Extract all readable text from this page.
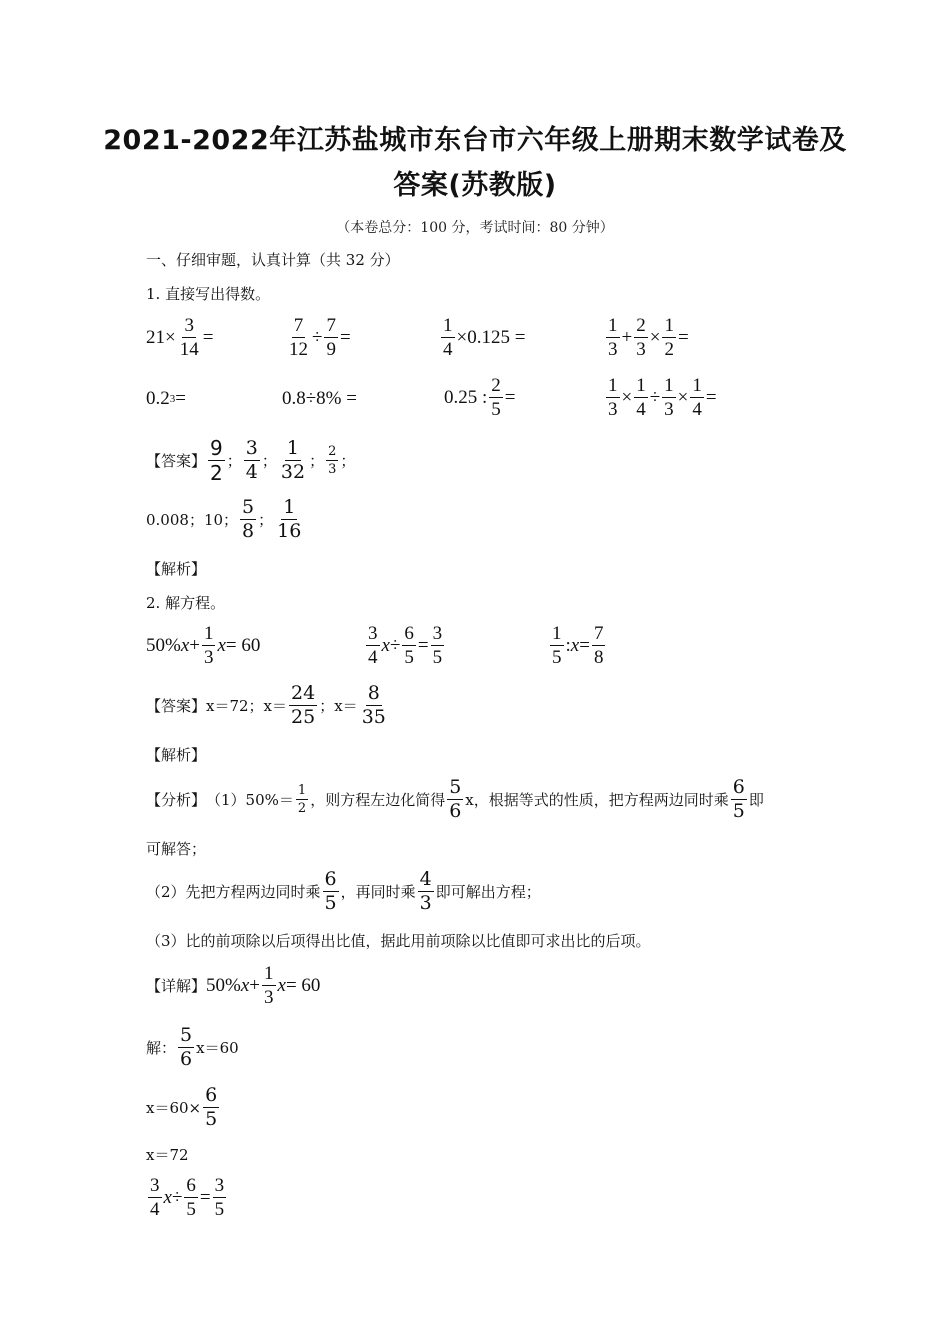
2021-2022年江苏盐城市东台市六年级上册期末数学试卷及
答案(苏教版)
（本卷总分：100 分，考试时间：80 分钟）
一、仔细审题，认真计算（共 32 分）
1. 直接写出得数。
$21\times \frac{3}{14}$ =	$\frac{7}{12} \div \frac{7}{9}$ =	$\frac{1}{4} \times 0.125$ =	$\frac{1}{3} + \frac{2}{3} \times \frac{1}{2}$ =
0.2 3 =	0.8÷8% =	0.25 : $\frac{2}{5}$ =	$\frac{1}{3} \times \frac{1}{4} \div \frac{1}{3} \times \frac{1}{4}$ =
【答案】 $\frac{9}{2}$ ； $\frac{3}{4}$ ； $\frac{1}{32}$ ； $\frac{2}{3}$ ；
0.008；10； $\frac{5}{8}$ ； $\frac{1}{16}$
【解析】
2. 解方程。
50% $x + \frac{1}{3}$ x = 60	$\frac{3}{4}$ $x \div \frac{6}{5} = \frac{3}{5}$	$\frac{1}{5}$ : $x = \frac{7}{8}$
【答案】 x＝72；$x= \frac{24}{25}$ ；$x= \frac{8}{35}$
【解析】
【分析】 $(1)50\%= \frac{1}{2}$ ，则方程左边化简得 $\frac{5}{6}$ x，根据等式的性质，把方程两边同时乘 $\frac{6}{5}$ 即
可解答；
（2）先把方程两边同时乘 $\frac{6}{5}$ ，再同时乘 $\frac{4}{3}$ 即可解出方程；
（3）比的前项除以后项得出比值，据此用前项除以比值即可求出比的后项。
【详解】 50% $x + \frac{1}{3}$ x = 60
解： $\frac{5}{6} x=60$
$x=60\times \frac{6}{5}$
x＝72
$\frac{3}{4}$ $x \div \frac{6}{5} = \frac{3}{5}$
